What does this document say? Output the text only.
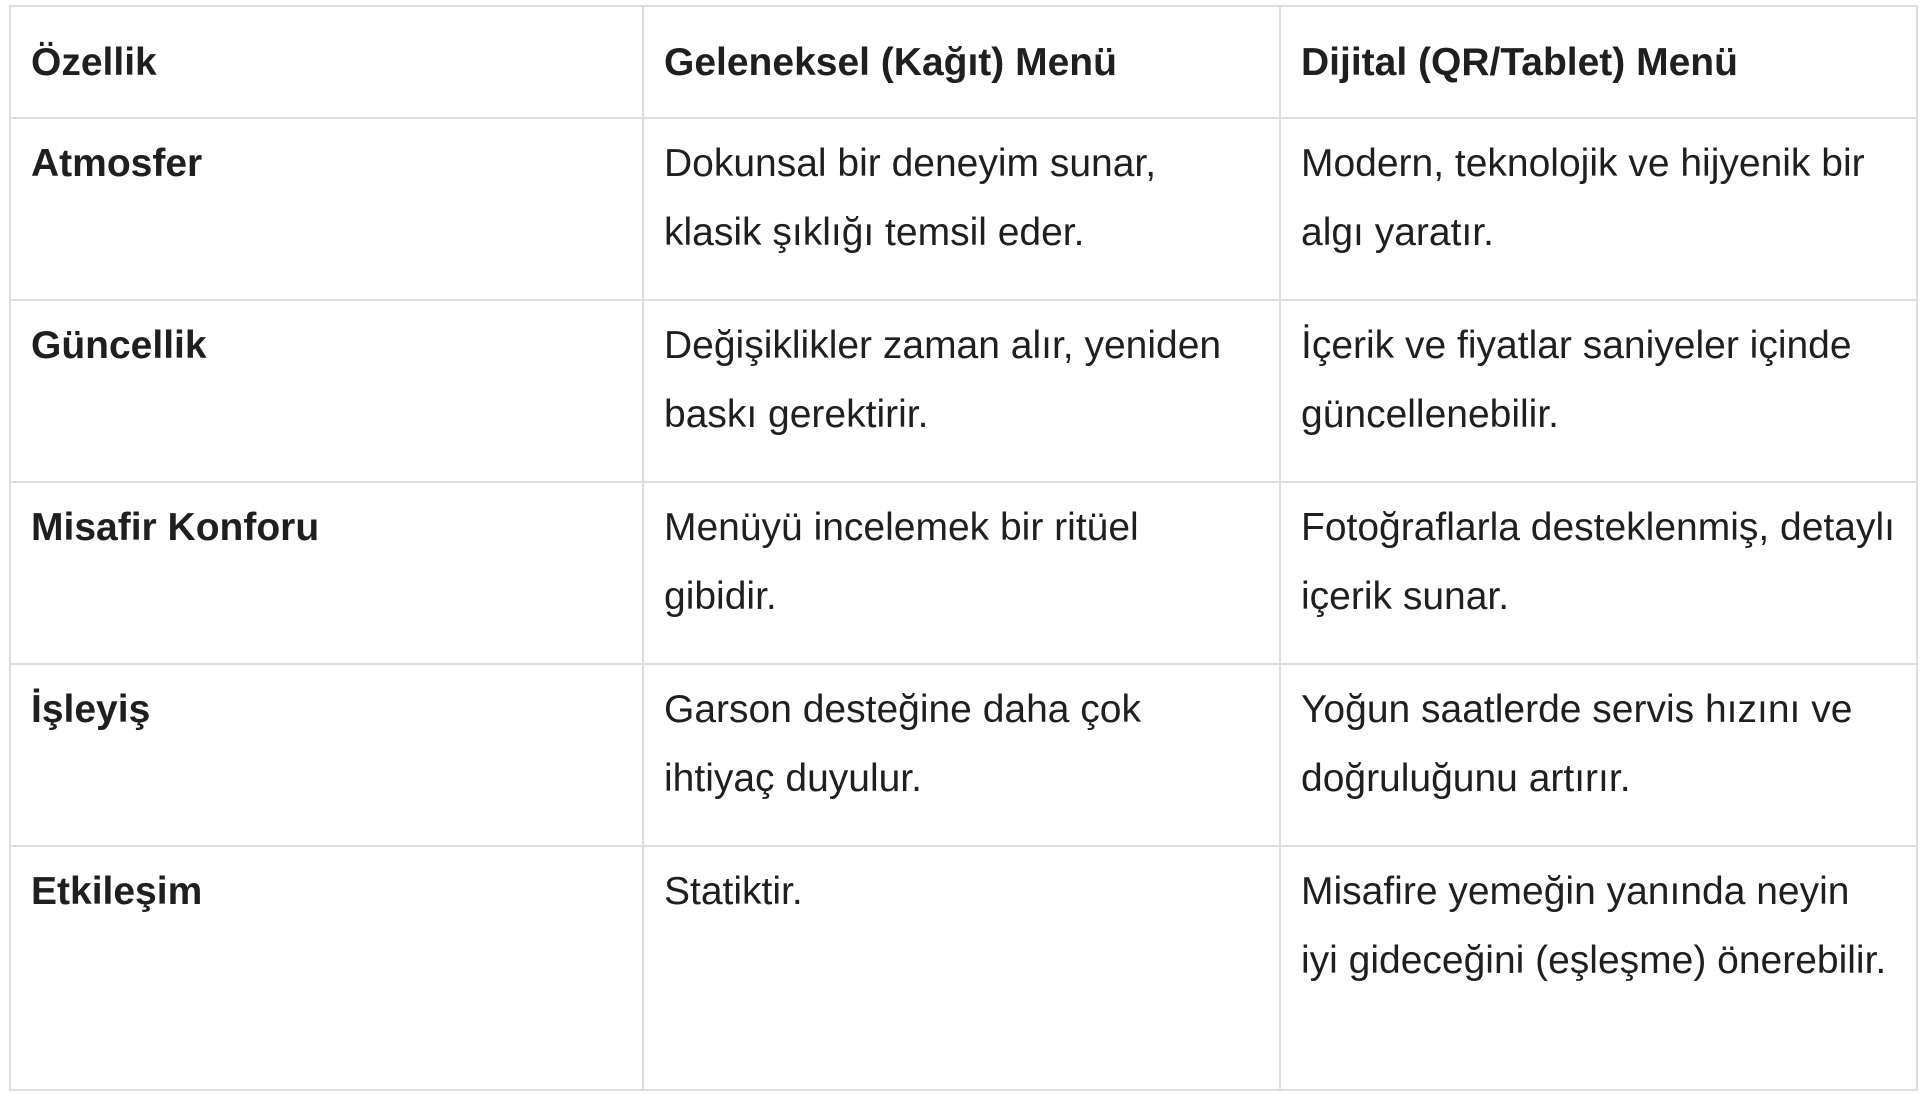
Özellik	Geleneksel (Kağıt) Menü	Dijital (QR/Tablet) Menü
Atmosfer	Dokunsal bir deneyim sunar, klasik şıklığı temsil eder.	Modern, teknolojik ve hijyenik bir algı yaratır.
Güncellik	Değişiklikler zaman alır, yeniden baskı gerektirir.	İçerik ve fiyatlar saniyeler içinde güncellenebilir.
Misafir Konforu	Menüyü incelemek bir ritüel gibidir.	Fotoğraflarla desteklenmiş, detaylı içerik sunar.
İşleyiş	Garson desteğine daha çok ihtiyaç duyulur.	Yoğun saatlerde servis hızını ve doğruluğunu artırır.
Etkileşim	Statiktir.	Misafire yemeğin yanında neyin iyi gideceğini (eşleşme) önerebilir.
